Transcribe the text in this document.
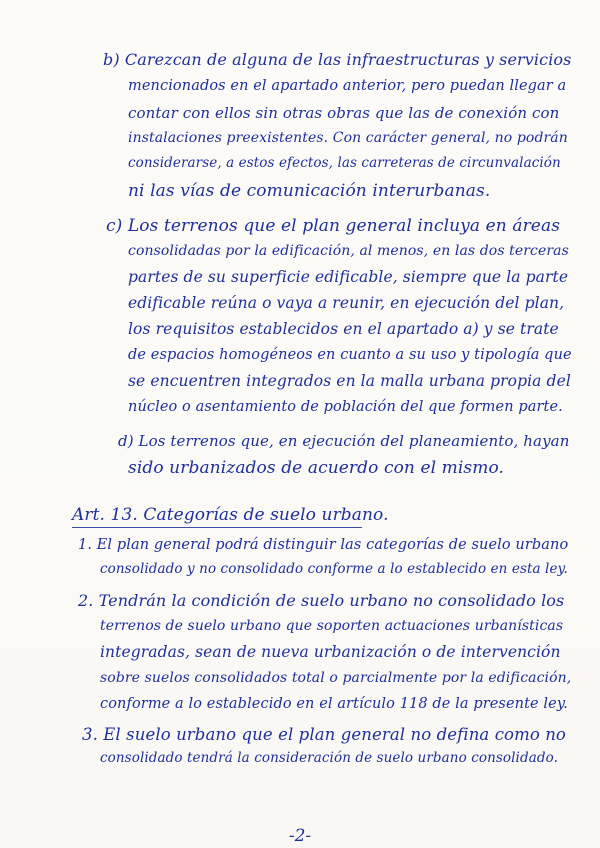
b) Carezcan de alguna de las infraestructuras y servicios
mencionados en el apartado anterior, pero puedan llegar a
contar con ellos sin otras obras que las de conexión con
instalaciones preexistentes. Con carácter general, no podrán
considerarse, a estos efectos, las carreteras de circunvalación
ni las vías de comunicación interurbanas.
c) Los terrenos que el plan general incluya en áreas
consolidadas por la edificación, al menos, en las dos terceras
partes de su superficie edificable, siempre que la parte
edificable reúna o vaya a reunir, en ejecución del plan,
los requisitos establecidos en el apartado a) y se trate
de espacios homogéneos en cuanto a su uso y tipología que
se encuentren integrados en la malla urbana propia del
núcleo o asentamiento de población del que formen parte.
d) Los terrenos que, en ejecución del planeamiento, hayan
sido urbanizados de acuerdo con el mismo.
Art. 13. Categorías de suelo urbano.
1. El plan general podrá distinguir las categorías de suelo urbano
consolidado y no consolidado conforme a lo establecido en esta ley.
2. Tendrán la condición de suelo urbano no consolidado los
terrenos de suelo urbano que soporten actuaciones urbanísticas
integradas, sean de nueva urbanización o de intervención
sobre suelos consolidados total o parcialmente por la edificación,
conforme a lo establecido en el artículo 118 de la presente ley.
3. El suelo urbano que el plan general no defina como no
consolidado tendrá la consideración de suelo urbano consolidado.
-2-
